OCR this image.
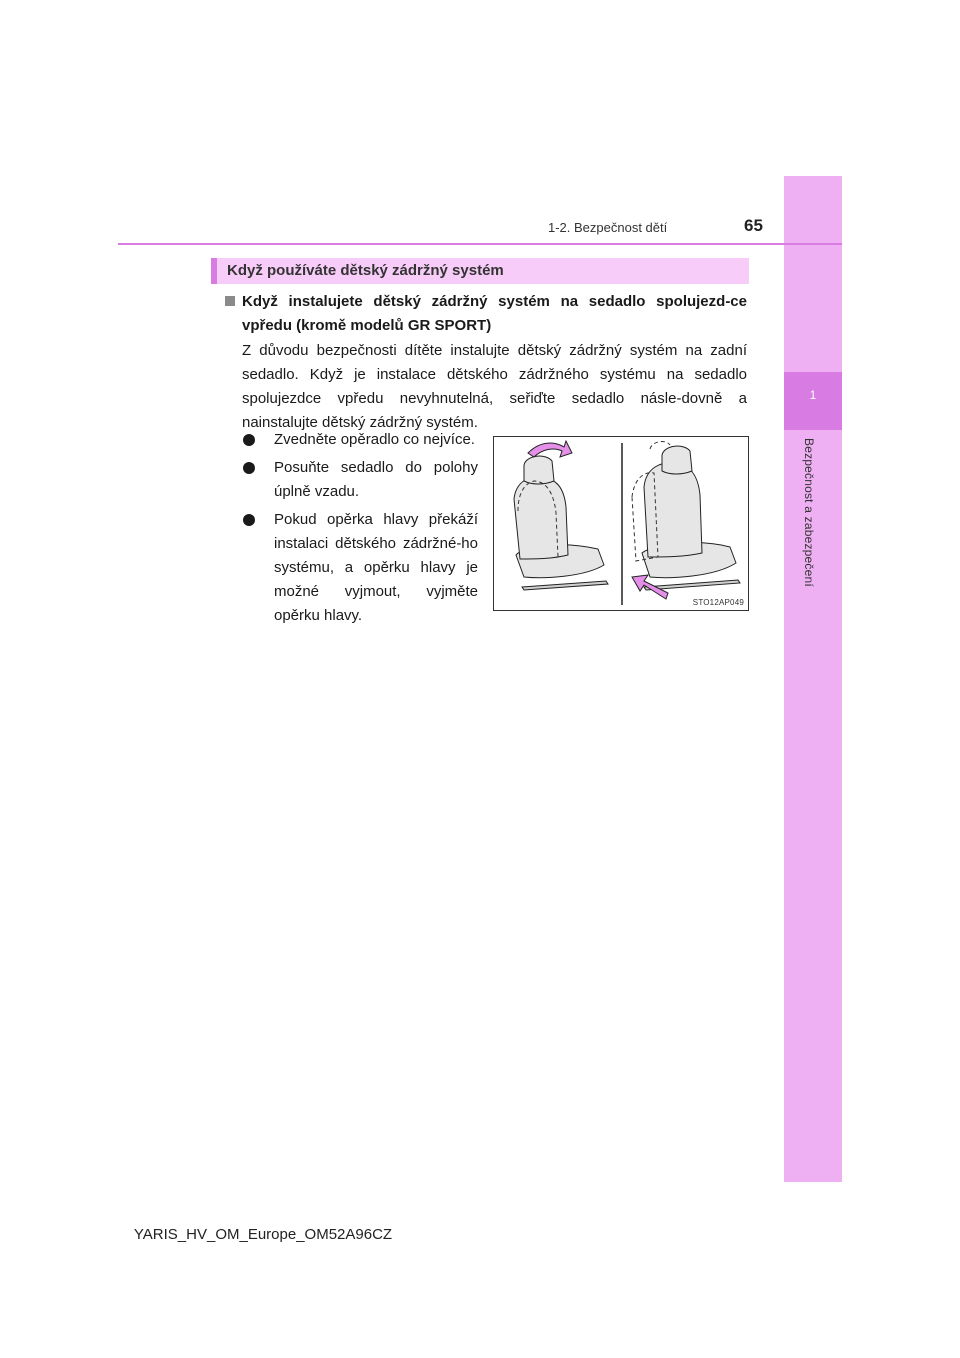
1
Bezpečnost a zabezpečení
1-2. Bezpečnost dětí	65
Když používáte dětský zádržný systém
Když instalujete dětský zádržný systém na sedadlo spolujezd-ce vpředu (kromě modelů GR SPORT)
Z důvodu bezpečnosti dítěte instalujte dětský zádržný systém na zadní sedadlo. Když je instalace dětského zádržného systému na sedadlo spolujezdce vpředu nevyhnutelná, seřiďte sedadlo násle-dovně a nainstalujte dětský zádržný systém.
Zvedněte opěradlo co nejvíce.
Posuňte sedadlo do polohy úplně vzadu.
Pokud opěrka hlavy překáží instalaci dětského zádržné-ho systému, a opěrku hlavy je možné vyjmout, vyjměte opěrku hlavy.
STO12AP049
YARIS_HV_OM_Europe_OM52A96CZ
